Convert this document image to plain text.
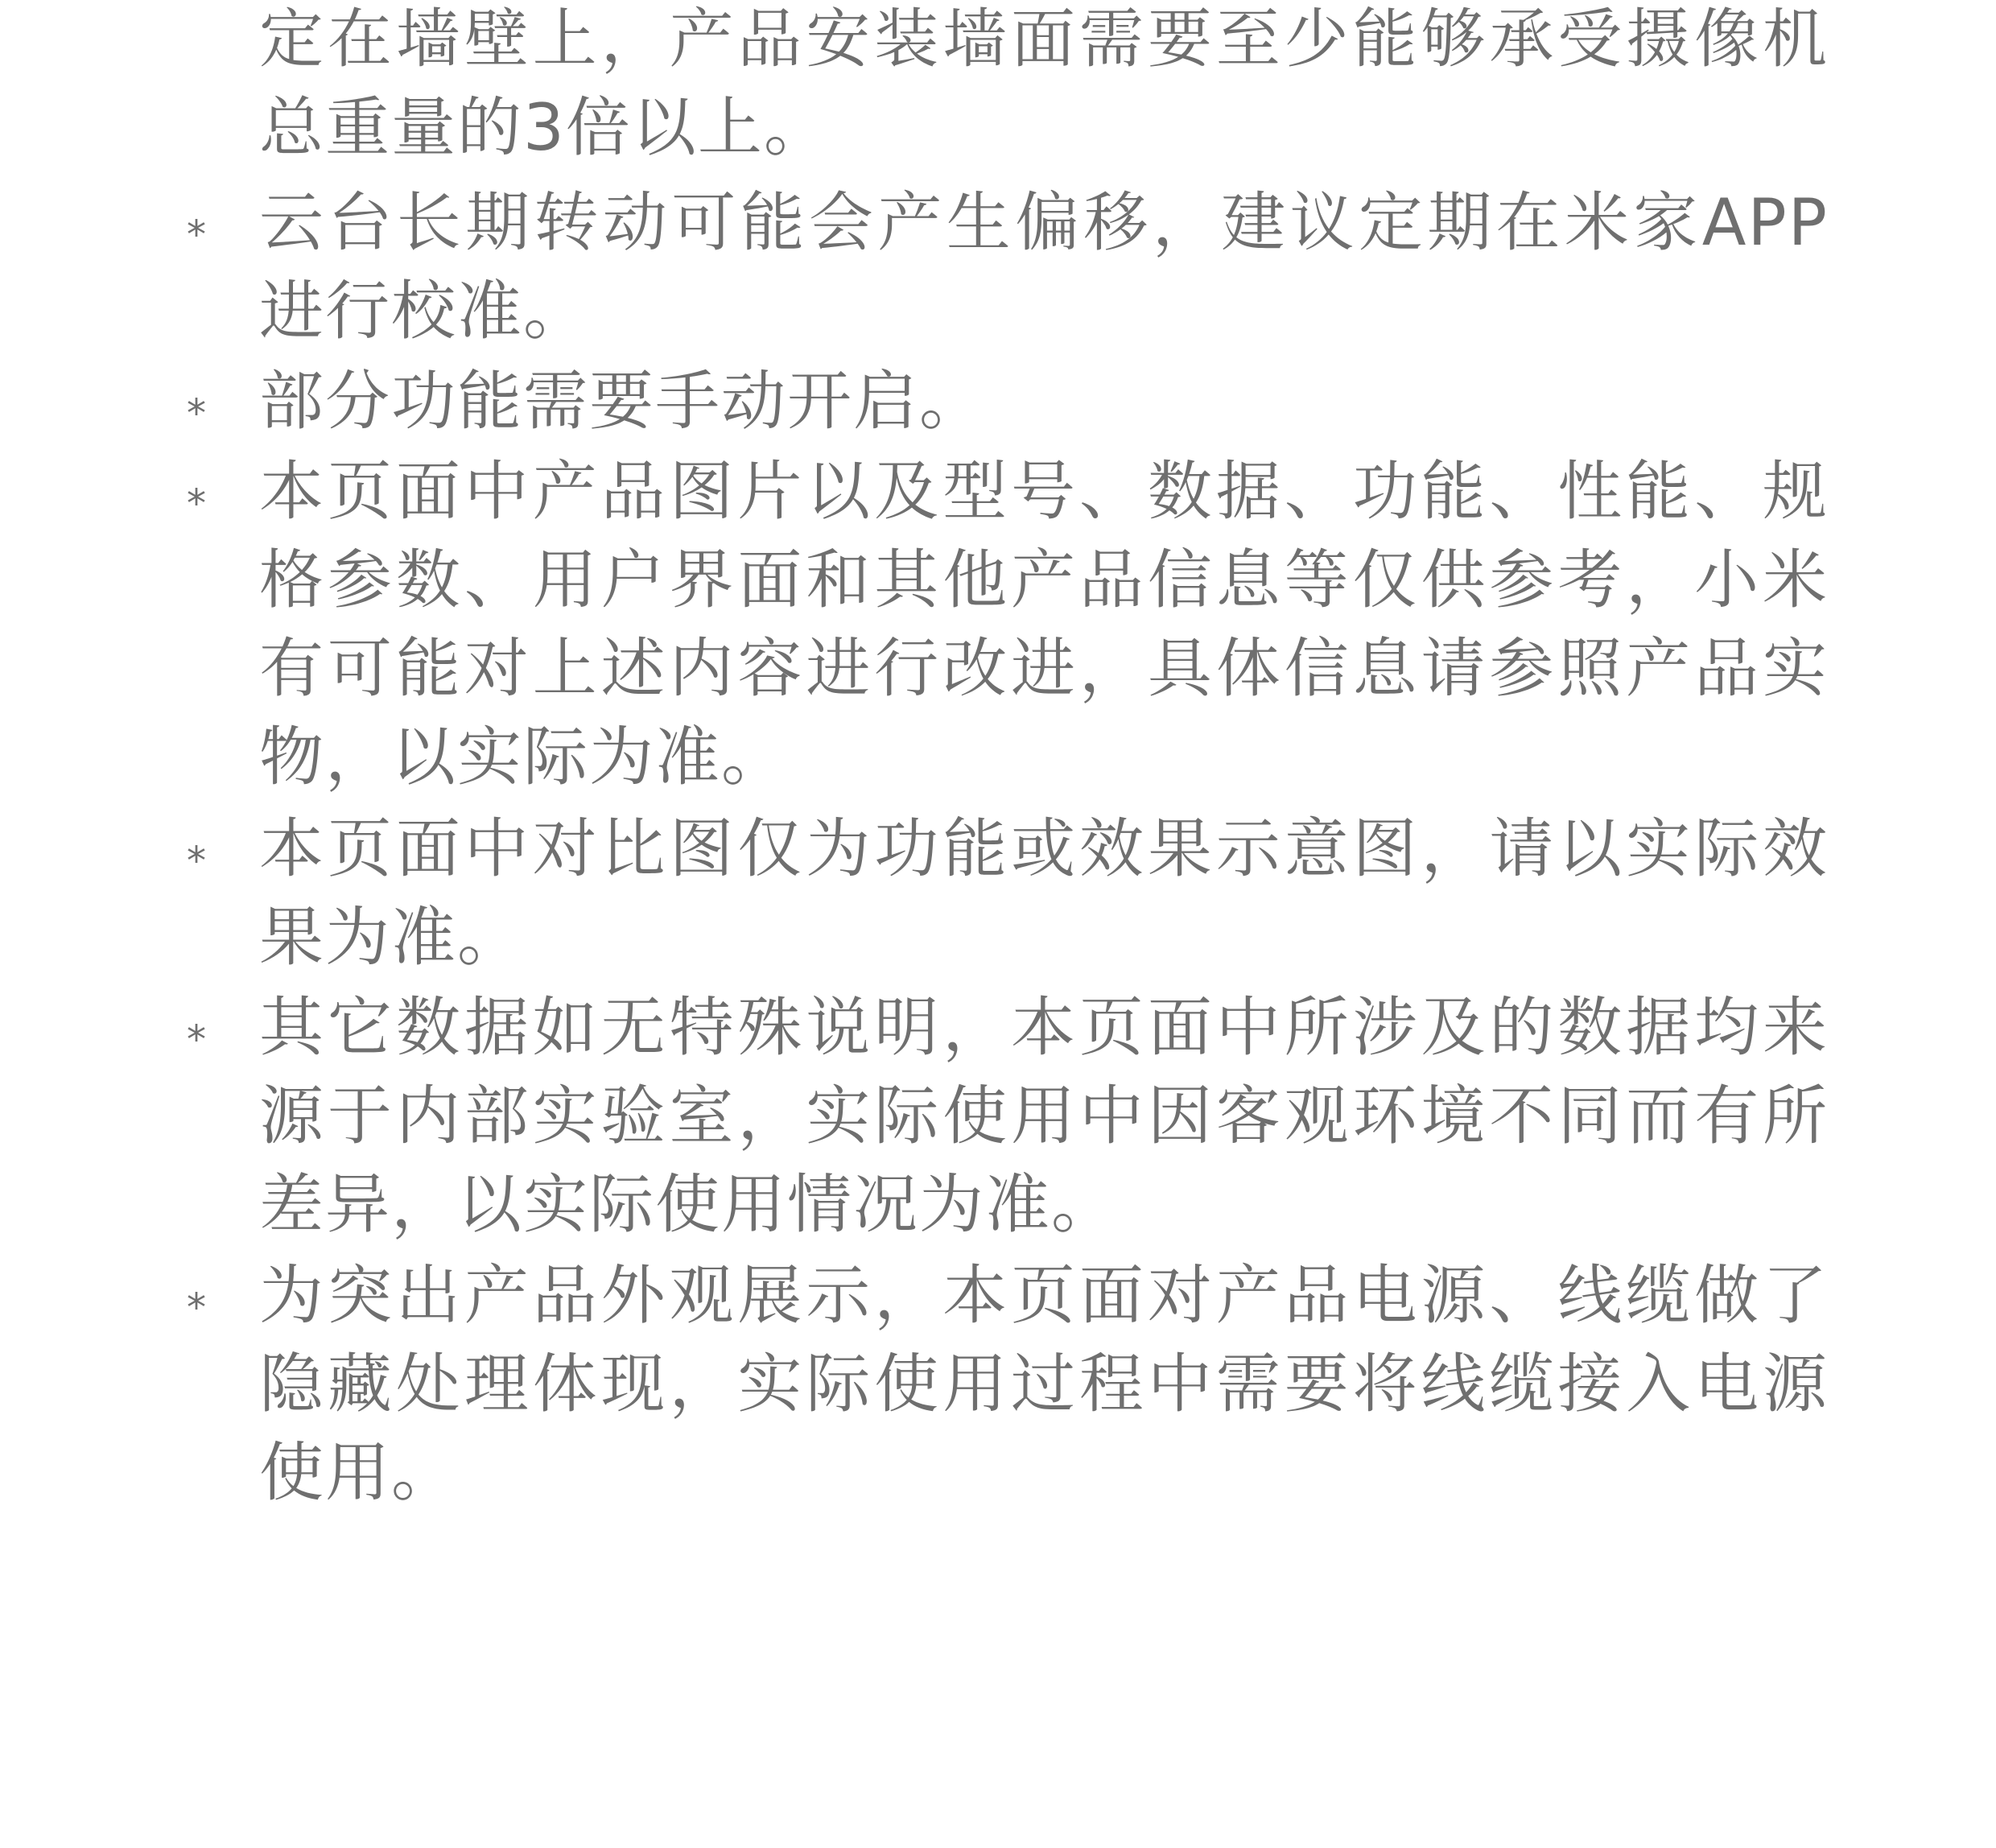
定在墙壁上，产品安装墙面需要至少能够承受摄像机总重量的3倍以上。
* 云台长期转动可能会产生偏移，建议定期在米家APP进行校准。
* 部分功能需要手动开启。
* 本页面中产品图片以及型号、数据、功能、性能、规格参数、用户界面和其他产品信息等仅供参考，小米有可能对上述内容进行改进，具体信息请参照产品实物，以实际为准。
* 本页面中对比图仅为功能或效果示意图，请以实际效果为准。
* 其它数据如无特殊说明，本页面中所涉及的数据均来源于内部实验室，实际使用中因客观环境不同而有所差异，以实际使用情况为准。
* 为突出产品外观展示，本页面对产品电源、线缆做了隐藏处理体现，实际使用过程中需要将线缆接入电源使用。
